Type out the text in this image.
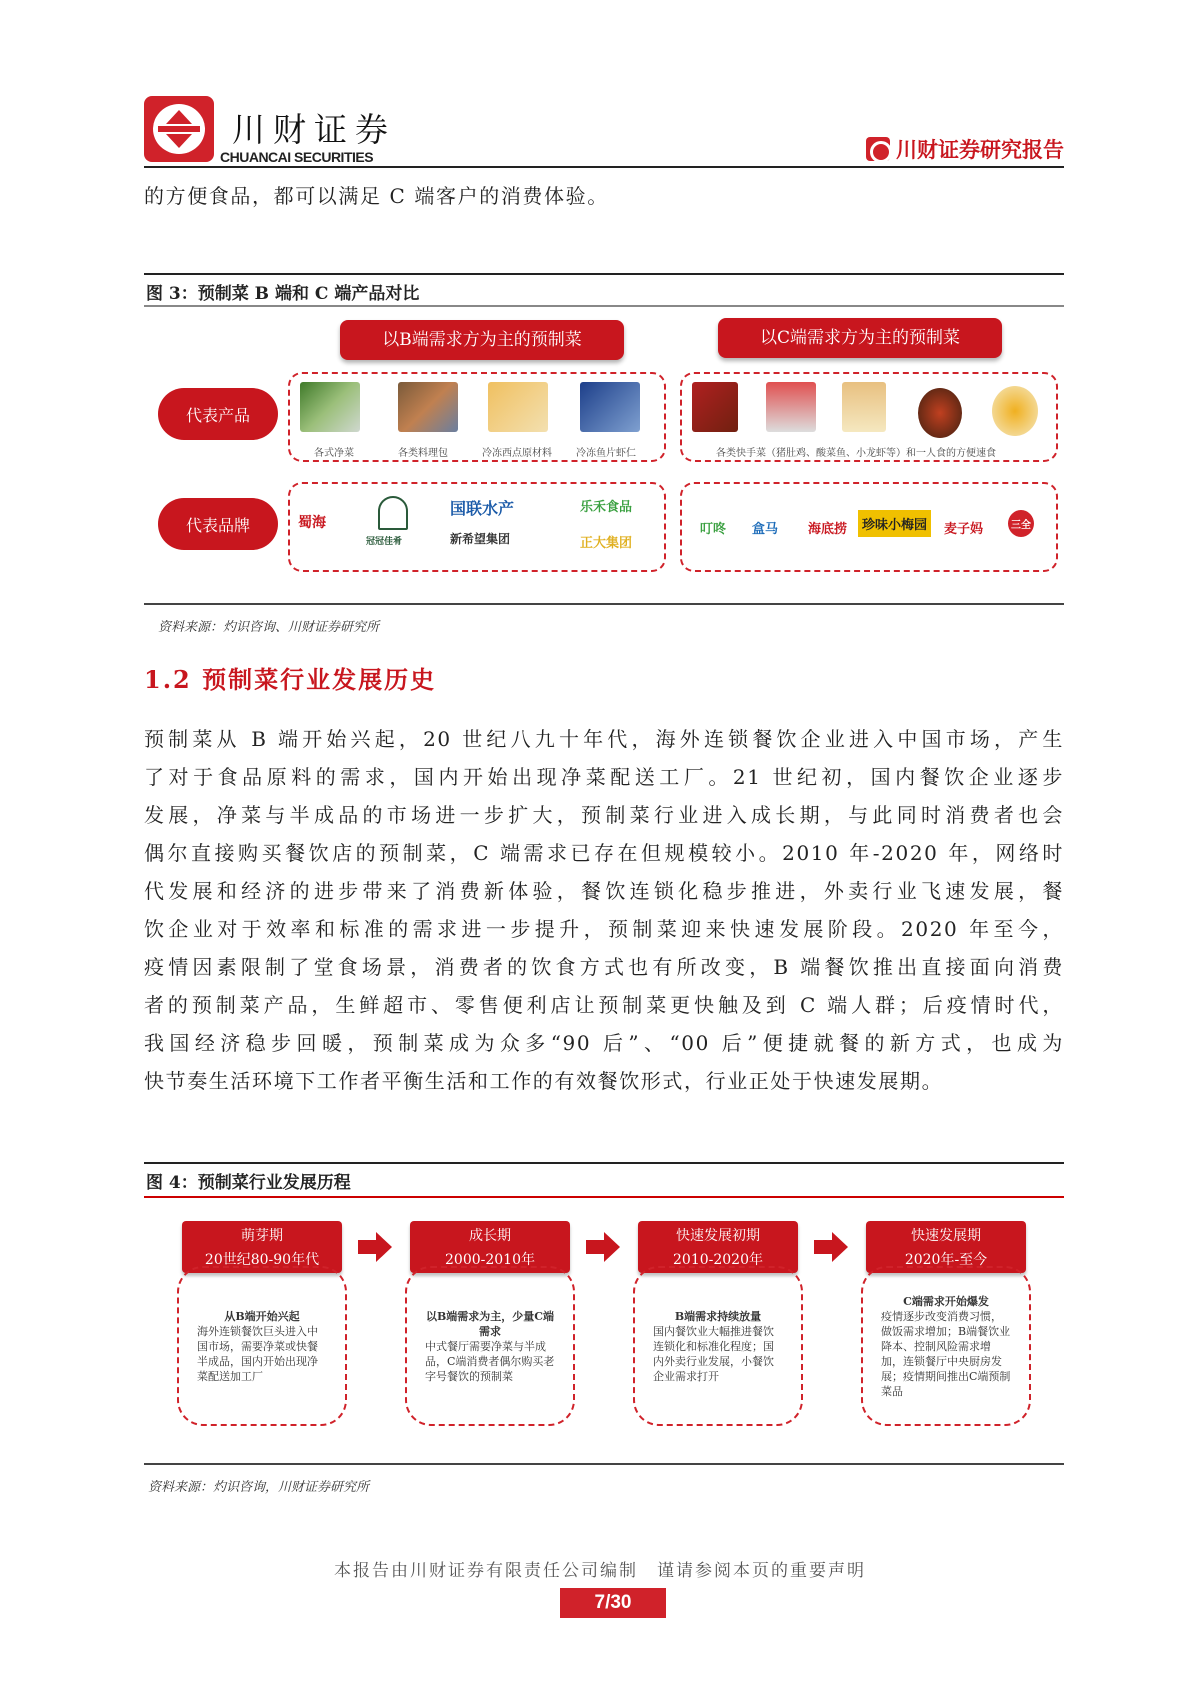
川财证券
CHUANCAI SECURITIES	川财证券研究报告
的方便食品，都可以满足 C 端客户的消费体验。
图 3：预制菜 B 端和 C 端产品对比
以B端需求方为主的预制菜	以C端需求方为主的预制菜
代表产品
代表品牌
各式净菜	各类料理包	冷冻西点原材料 冷冻鱼片虾仁	各类快手菜（猪肚鸡、酸菜鱼、小龙虾等）和一人食的方便速食
蜀海
冠冠佳肴
国联水产
新希望集团
乐禾食品
正大集团
叮咚 盒马 海底捞	珍味小梅园	麦子妈	三全
资料来源：灼识咨询、川财证券研究所
1.2 预制菜行业发展历史
预制菜从 B 端开始兴起，20 世纪八九十年代，海外连锁餐饮企业进入中国市场，产生
了对于食品原料的需求，国内开始出现净菜配送工厂。21 世纪初，国内餐饮企业逐步
发展，净菜与半成品的市场进一步扩大，预制菜行业进入成长期，与此同时消费者也会
偶尔直接购买餐饮店的预制菜，C 端需求已存在但规模较小。2010 年-2020 年，网络时
代发展和经济的进步带来了消费新体验，餐饮连锁化稳步推进，外卖行业飞速发展，餐
饮企业对于效率和标准的需求进一步提升，预制菜迎来快速发展阶段。2020 年至今，
疫情因素限制了堂食场景，消费者的饮食方式也有所改变，B 端餐饮推出直接面向消费
者的预制菜产品，生鲜超市、零售便利店让预制菜更快触及到 C 端人群；后疫情时代，
我国经济稳步回暖，预制菜成为众多“90 后”、“00 后”便捷就餐的新方式，也成为
快节奏生活环境下工作者平衡生活和工作的有效餐饮形式，行业正处于快速发展期。
图 4：预制菜行业发展历程
萌芽期
20世纪80-90年代
成长期
2000-2010年
快速发展初期
2010-2020年
快速发展期
2020年-至今
从B端开始兴起
海外连锁餐饮巨头进入中国市场，需要净菜或快餐半成品，国内开始出现净菜配送加工厂
以B端需求为主，少量C端需求
中式餐厅需要净菜与半成品，C端消费者偶尔购买老字号餐饮的预制菜
B端需求持续放量
国内餐饮业大幅推进餐饮连锁化和标准化程度；国内外卖行业发展，小餐饮企业需求打开
C端需求开始爆发
疫情逐步改变消费习惯，做饭需求增加；B端餐饮业降本、控制风险需求增加，连锁餐厅中央厨房发展；疫情期间推出C端预制菜品
资料来源：灼识咨询，川财证券研究所
本报告由川财证券有限责任公司编制　谨请参阅本页的重要声明
7/30
